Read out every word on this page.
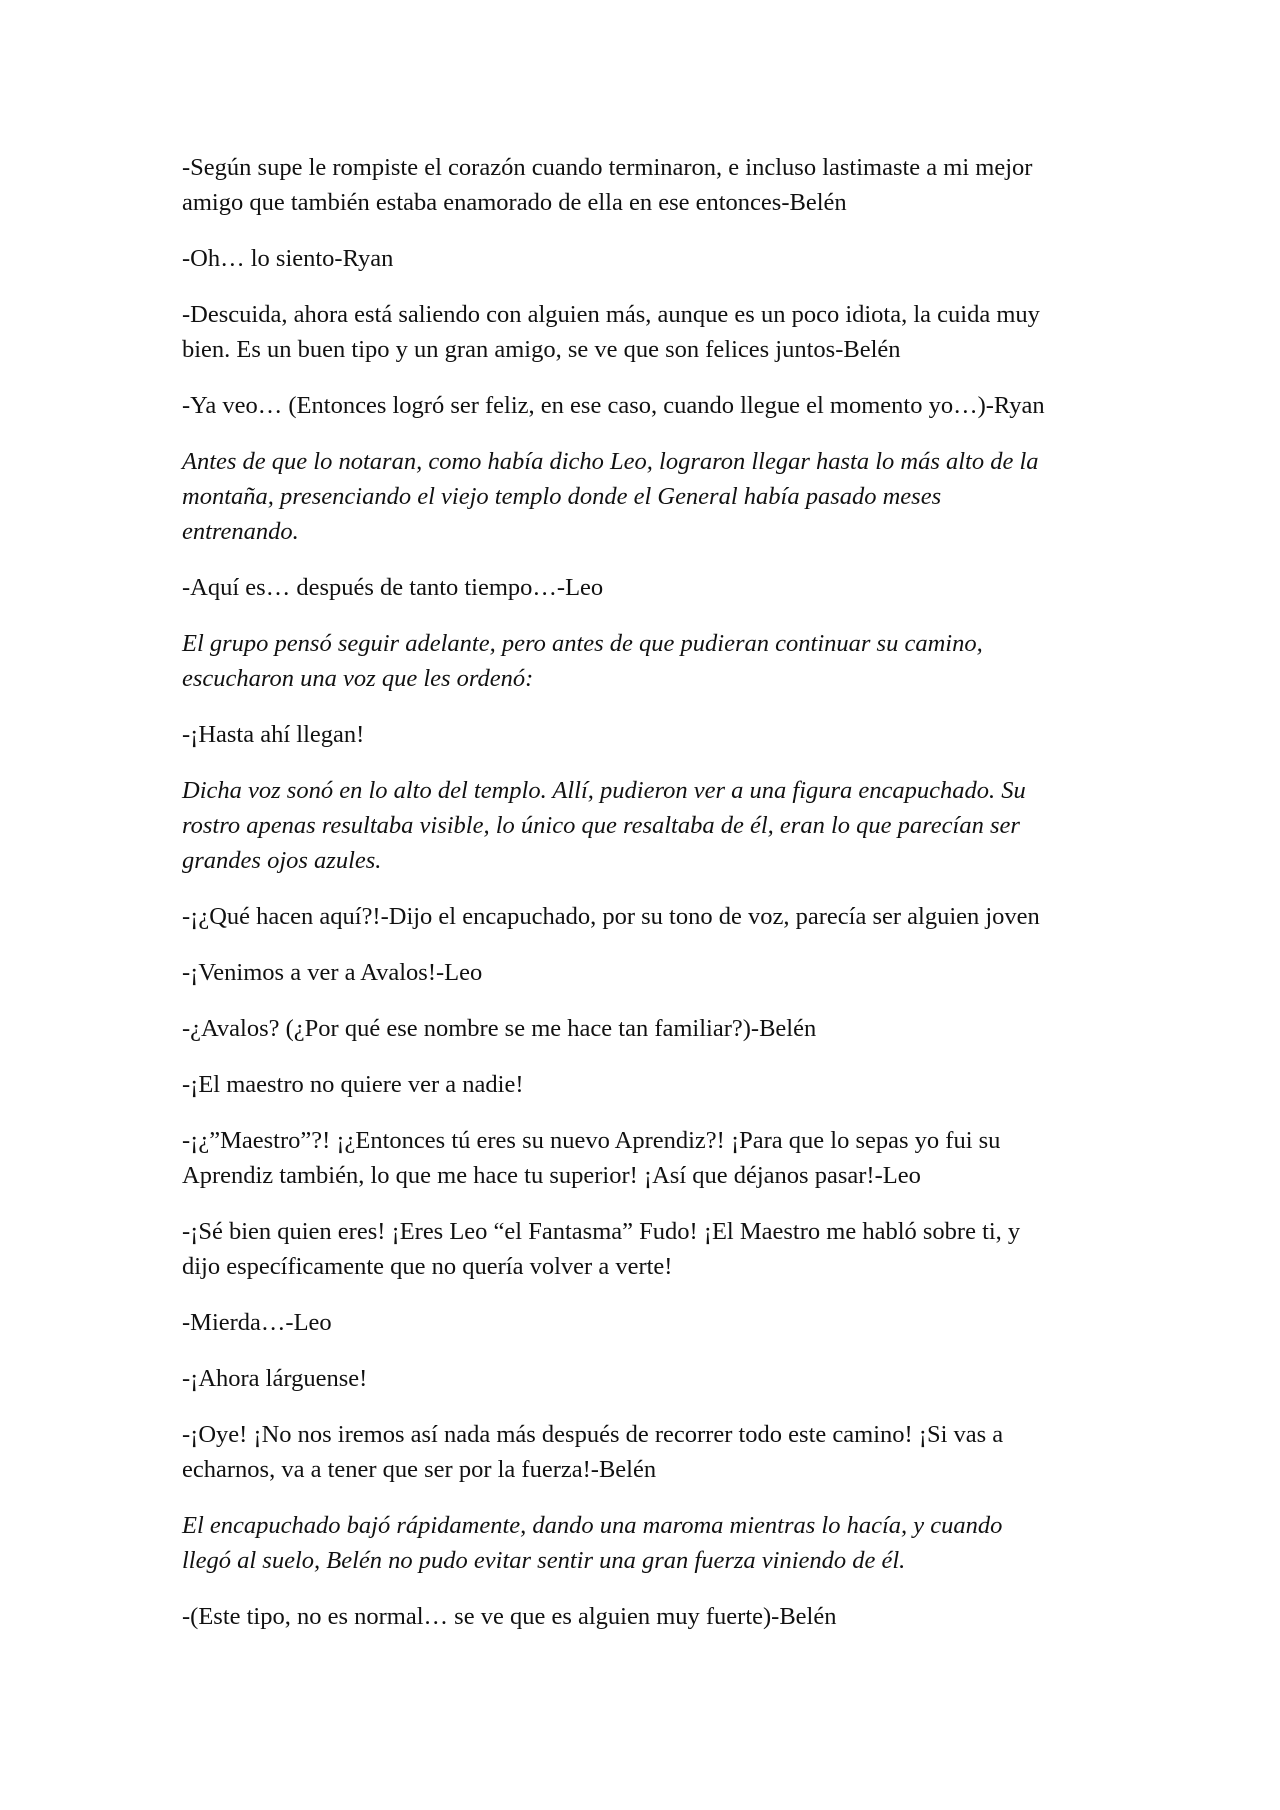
-Según supe le rompiste el corazón cuando terminaron, e incluso lastimaste a mi mejor
amigo que también estaba enamorado de ella en ese entonces-Belén

-Oh… lo siento-Ryan

-Descuida, ahora está saliendo con alguien más, aunque es un poco idiota, la cuida muy
bien. Es un buen tipo y un gran amigo, se ve que son felices juntos-Belén

-Ya veo… (Entonces logró ser feliz, en ese caso, cuando llegue el momento yo…)-Ryan

Antes de que lo notaran, como había dicho Leo, lograron llegar hasta lo más alto de la
montaña, presenciando el viejo templo donde el General había pasado meses
entrenando.

-Aquí es… después de tanto tiempo…-Leo

El grupo pensó seguir adelante, pero antes de que pudieran continuar su camino,
escucharon una voz que les ordenó:

-¡Hasta ahí llegan!

Dicha voz sonó en lo alto del templo. Allí, pudieron ver a una figura encapuchado. Su
rostro apenas resultaba visible, lo único que resaltaba de él, eran lo que parecían ser
grandes ojos azules.

-¡¿Qué hacen aquí?!-Dijo el encapuchado, por su tono de voz, parecía ser alguien joven

-¡Venimos a ver a Avalos!-Leo

-¿Avalos? (¿Por qué ese nombre se me hace tan familiar?)-Belén

-¡El maestro no quiere ver a nadie!

-¡¿”Maestro”?! ¡¿Entonces tú eres su nuevo Aprendiz?! ¡Para que lo sepas yo fui su
Aprendiz también, lo que me hace tu superior! ¡Así que déjanos pasar!-Leo

-¡Sé bien quien eres! ¡Eres Leo “el Fantasma” Fudo! ¡El Maestro me habló sobre ti, y
dijo específicamente que no quería volver a verte!

-Mierda…-Leo

-¡Ahora lárguense!

-¡Oye! ¡No nos iremos así nada más después de recorrer todo este camino! ¡Si vas a
echarnos, va a tener que ser por la fuerza!-Belén

El encapuchado bajó rápidamente, dando una maroma mientras lo hacía, y cuando
llegó al suelo, Belén no pudo evitar sentir una gran fuerza viniendo de él.

-(Este tipo, no es normal… se ve que es alguien muy fuerte)-Belén
